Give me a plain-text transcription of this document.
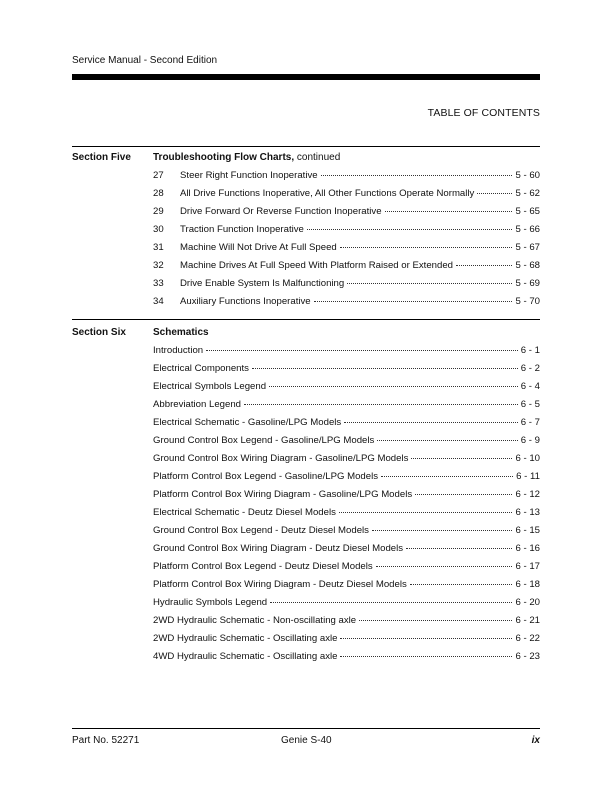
Service Manual - Second Edition
TABLE OF CONTENTS
Section Five Troubleshooting Flow Charts, continued
27	Steer Right Function Inoperative	5 - 60
28	All Drive Functions Inoperative, All Other Functions Operate Normally	5 - 62
29	Drive Forward Or Reverse Function Inoperative	5 - 65
30	Traction Function Inoperative	5 - 66
31	Machine Will Not Drive At Full Speed	5 - 67
32	Machine Drives At Full Speed With Platform Raised or Extended	5 - 68
33	Drive Enable System Is Malfunctioning	5 - 69
34	Auxiliary Functions Inoperative	5 - 70
Section Six	Schematics
Introduction	6 - 1
Electrical Components	6 - 2
Electrical Symbols Legend	6 - 4
Abbreviation Legend	6 - 5
Electrical Schematic - Gasoline/LPG Models	6 - 7
Ground Control Box Legend - Gasoline/LPG Models	6 - 9
Ground Control Box Wiring Diagram - Gasoline/LPG Models	6 - 10
Platform Control Box Legend - Gasoline/LPG Models	6 - 11
Platform Control Box Wiring Diagram - Gasoline/LPG Models	6 - 12
Electrical Schematic - Deutz Diesel Models	6 - 13
Ground Control Box Legend - Deutz Diesel Models	6 - 15
Ground Control Box Wiring Diagram - Deutz Diesel Models	6 - 16
Platform Control Box Legend - Deutz Diesel Models	6 - 17
Platform Control Box Wiring Diagram - Deutz Diesel Models	6 - 18
Hydraulic Symbols Legend	6 - 20
2WD Hydraulic Schematic - Non-oscillating axle	6 - 21
2WD Hydraulic Schematic - Oscillating axle	6 - 22
4WD Hydraulic Schematic - Oscillating axle	6 - 23
Part No. 52271	Genie S-40	ix
